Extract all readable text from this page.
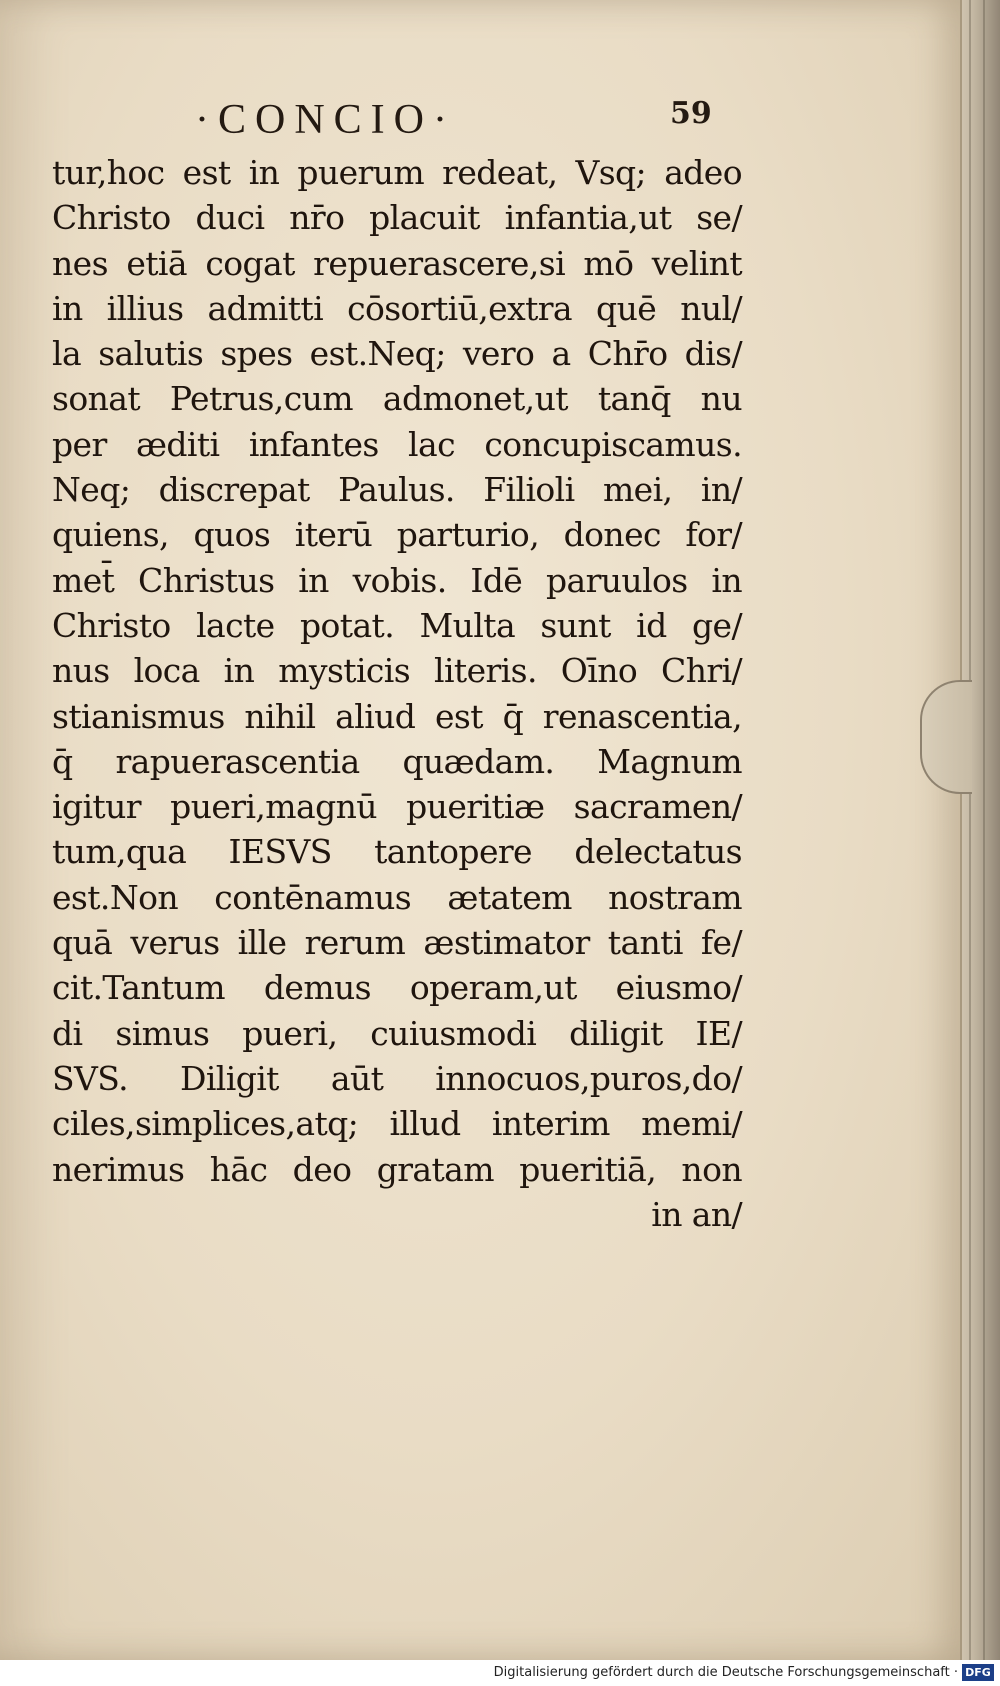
·CONCIO·	59
tur,hoc est in puerum redeat, Vsq; adeo
Christo duci nr̄o placuit infantia,ut se/
nes etiā cogat repuerascere,si mō velint
in illius admitti cōsortiū,extra quē nul/
la salutis spes est.Neq; vero a Chr̄o dis/
sonat Petrus,cum admonet,ut tanq̄ nu
per æditi infantes lac concupiscamus.
Neq; discrepat Paulus. Filioli mei, in/
quiens, quos iterū parturio, donec for/
met̄ Christus in vobis. Idē paruulos in
Christo lacte potat. Multa sunt id ge/
nus loca in mysticis literis. Oīno Chri/
stianismus nihil aliud est q̄ renascentia,
q̄ rapuerascentia quædam. Magnum
igitur pueri,magnū pueritiæ sacramen/
tum,qua IESVS tantopere delectatus
est.Non contēnamus ætatem nostram
quā verus ille rerum æstimator tanti fe/
cit.Tantum demus operam,ut eiusmo/
di simus pueri, cuiusmodi diligit IE/
SVS. Diligit aūt innocuos,puros,do/
ciles,simplices,atq; illud interim memi/
nerimus hāc deo gratam pueritiā, non
in an/
Digitalisierung gefördert durch die Deutsche Forschungsgemeinschaft · DFG
